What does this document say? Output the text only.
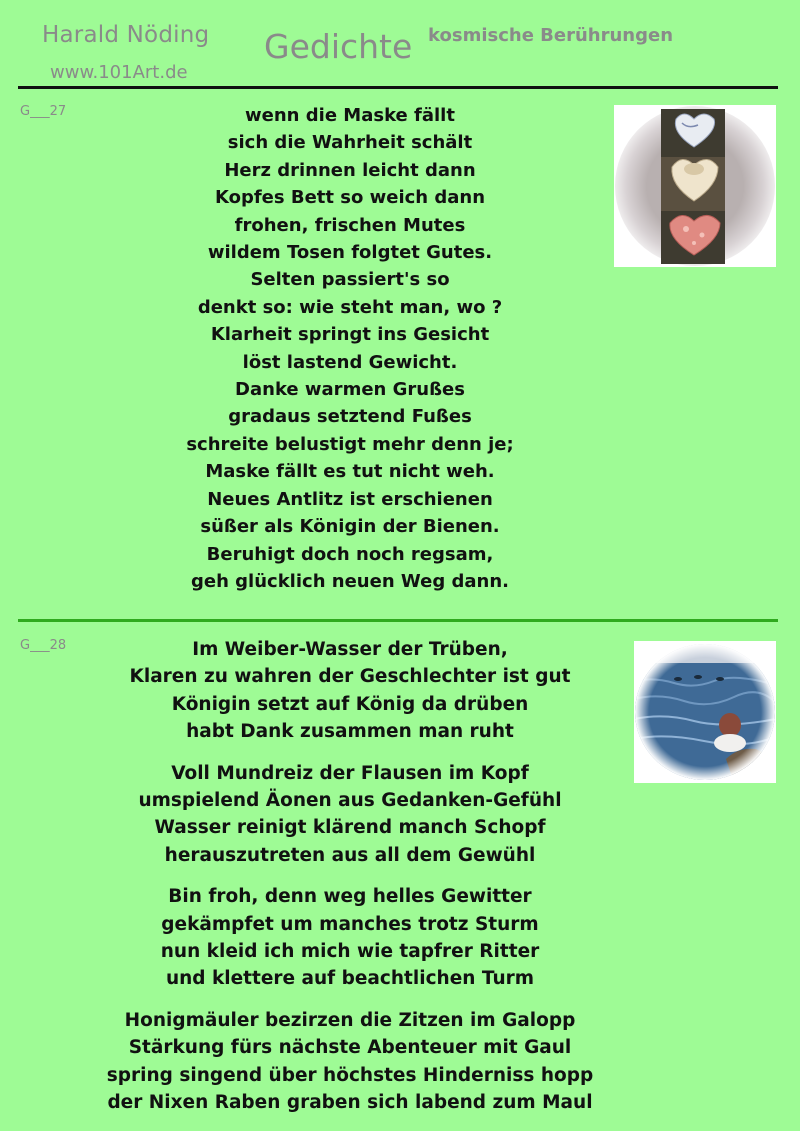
Harald Nöding
www.101Art.de
Gedichte kosmische Berührungen
G___27	wenn die Maske fällt
sich die Wahrheit schält
Herz drinnen leicht dann
Kopfes Bett so weich dann
frohen, frischen Mutes
wildem Tosen folgtet Gutes.
Selten passiert's so
denkt so: wie steht man, wo ?
Klarheit springt ins Gesicht
löst lastend Gewicht.
Danke warmen Grußes
gradaus setztend Fußes
schreite belustigt mehr denn je;
Maske fällt es tut nicht weh.
Neues Antlitz ist erschienen
süßer als Königin der Bienen.
Beruhigt doch noch regsam,
geh glücklich neuen Weg dann.
G___28	Im Weiber-Wasser der Trüben,
Klaren zu wahren der Geschlechter ist gut
Königin setzt auf König da drüben
habt Dank zusammen man ruht
Voll Mundreiz der Flausen im Kopf
umspielend Äonen aus Gedanken-Gefühl
Wasser reinigt klärend manch Schopf
herauszutreten aus all dem Gewühl
Bin froh, denn weg helles Gewitter
gekämpfet um manches trotz Sturm
nun kleid ich mich wie tapfrer Ritter
und klettere auf beachtlichen Turm
Honigmäuler bezirzen die Zitzen im Galopp
Stärkung fürs nächste Abenteuer mit Gaul
spring singend über höchstes Hinderniss hopp
der Nixen Raben graben sich labend zum Maul
